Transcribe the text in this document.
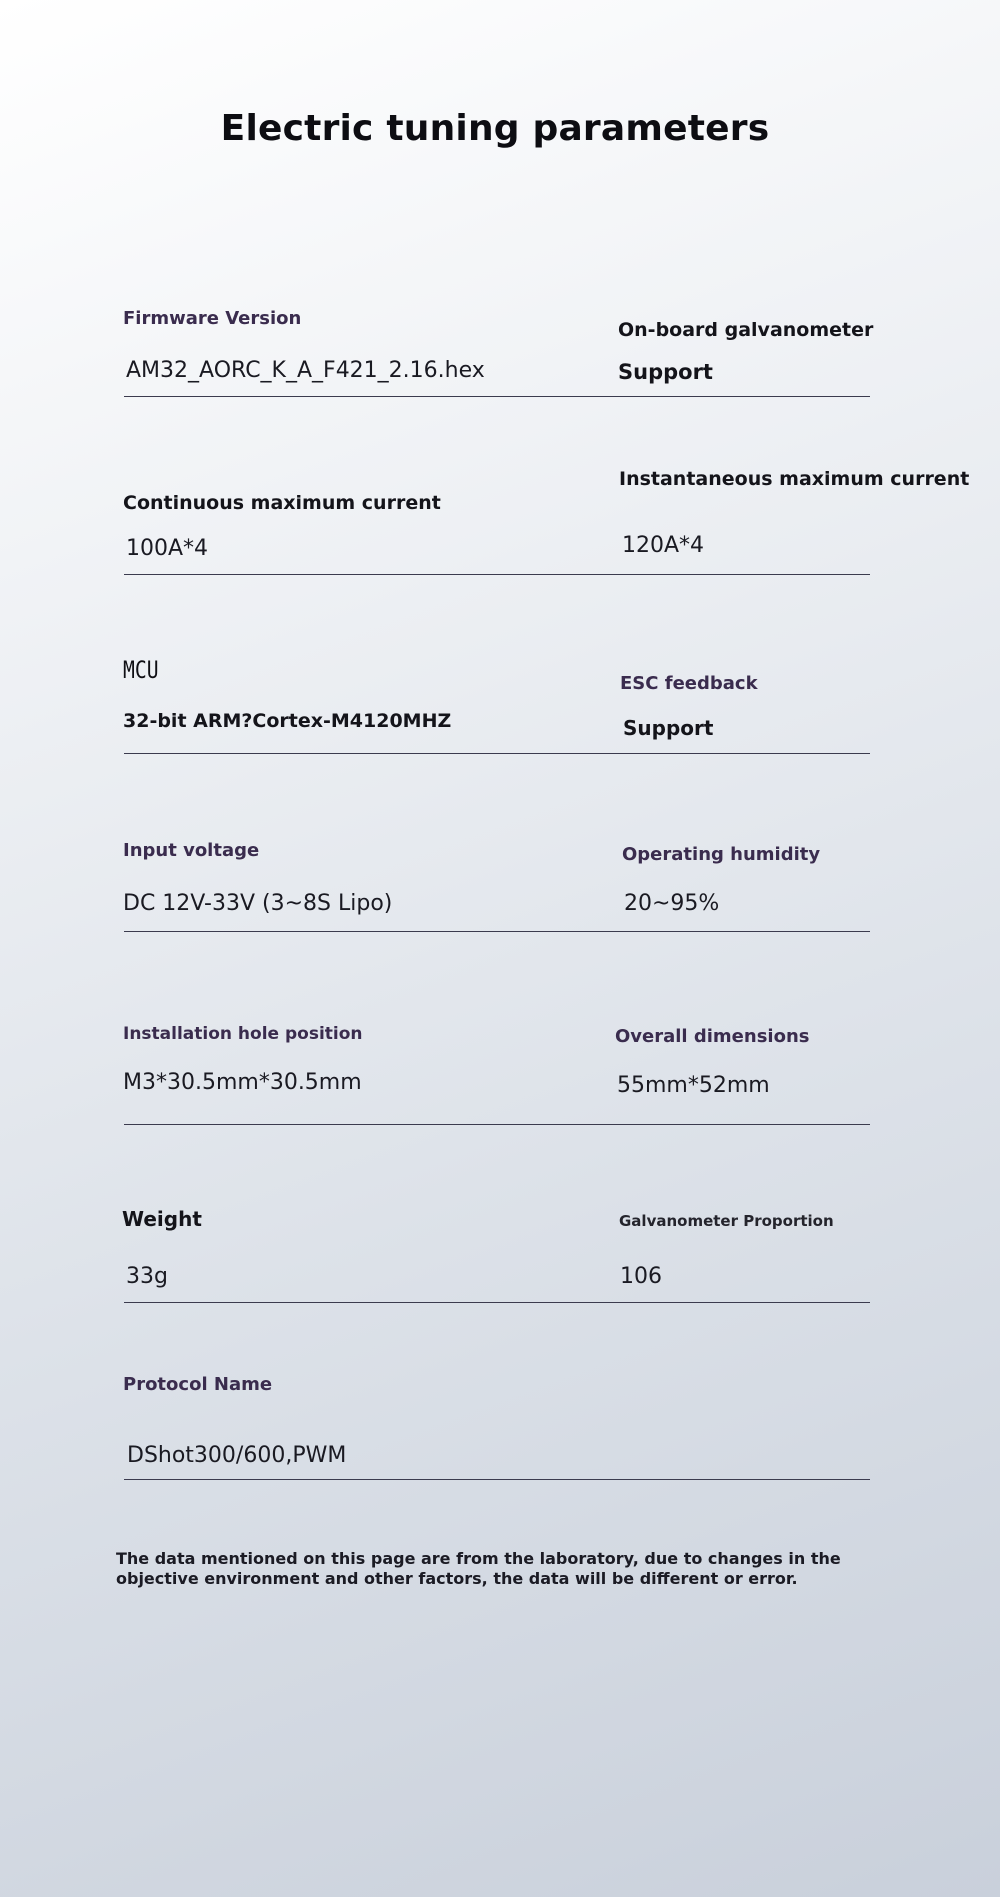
Electric tuning parameters
Firmware Version
AM32_AORC_K_A_F421_2.16.hex
On-board galvanometer
Support
Continuous maximum current
100A*4
Instantaneous maximum current
120A*4
MCU
32-bit ARM?Cortex-M4120MHZ
ESC feedback
Support
Input voltage
DC 12V-33V (3~8S Lipo)
Operating humidity
20~95%
Installation hole position
M3*30.5mm*30.5mm
Overall dimensions
55mm*52mm
Weight
33g
Galvanometer Proportion
106
Protocol Name
DShot300/600,PWM

The data mentioned on this page are from the laboratory, due to changes in the objective environment and other factors, the data will be different or error.
